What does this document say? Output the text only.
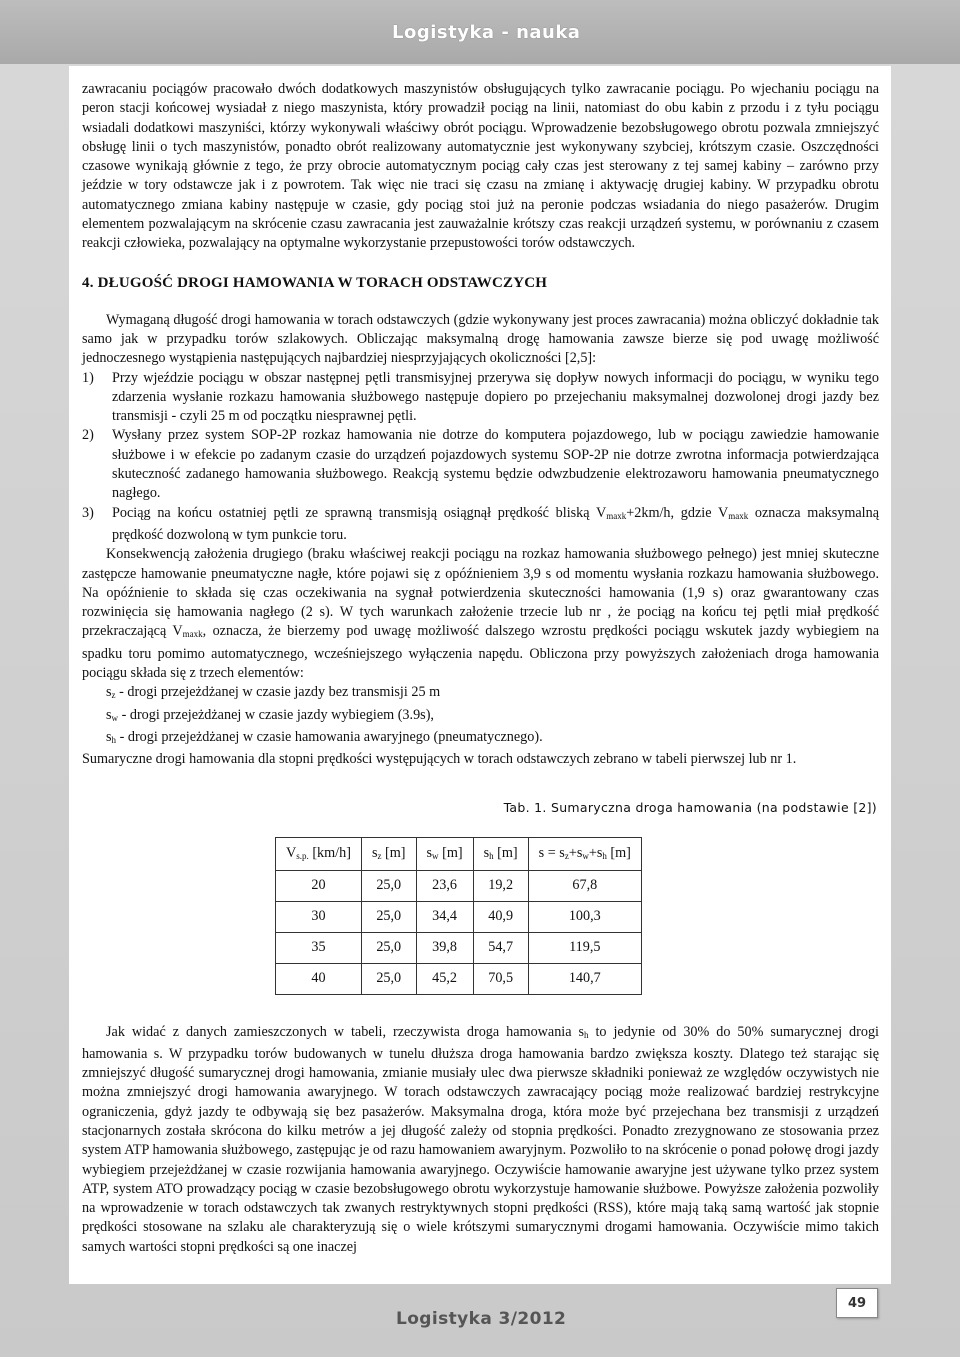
Logistyka - nauka

zawracaniu pociągów pracowało dwóch dodatkowych maszynistów obsługujących tylko zawracanie pociągu. Po wjechaniu pociągu na peron stacji końcowej wysiadał z niego maszynista, który prowadził pociąg na linii, natomiast do obu kabin z przodu i z tyłu pociągu wsiadali dodatkowi maszyniści, którzy wykonywali właściwy obrót pociągu. Wprowadzenie bezobsługowego obrotu pozwala zmniejszyć obsługę linii o tych maszynistów, ponadto obrót realizowany automatycznie jest wykonywany szybciej, krótszym czasie. Oszczędności czasowe wynikają głównie z tego, że przy obrocie automatycznym pociąg cały czas jest sterowany z tej samej kabiny – zarówno przy jeździe w tory odstawcze jak i z powrotem. Tak więc nie traci się czasu na zmianę i aktywację drugiej kabiny. W przypadku obrotu automatycznego zmiana kabiny następuje w czasie, gdy pociąg stoi już na peronie podczas wsiadania do niego pasażerów. Drugim elementem pozwalającym na skrócenie czasu zawracania jest zauważalnie krótszy czas reakcji urządzeń systemu, w porównaniu z czasem reakcji człowieka, pozwalający na optymalne wykorzystanie przepustowości torów odstawczych.

4. DŁUGOŚĆ DROGI HAMOWANIA W TORACH ODSTAWCZYCH

Wymaganą długość drogi hamowania w torach odstawczych (gdzie wykonywany jest proces zawracania) można obliczyć dokładnie tak samo jak w przypadku torów szlakowych. Obliczając maksymalną drogę hamowania zawsze bierze się pod uwagę możliwość jednoczesnego wystąpienia następujących najbardziej niesprzyjających okoliczności [2,5]:

1) Przy wjeździe pociągu w obszar następnej pętli transmisyjnej przerywa się dopływ nowych informacji do pociągu, w wyniku tego zdarzenia wysłanie rozkazu hamowania służbowego następuje dopiero po przejechaniu maksymalnej dozwolonej drogi jazdy bez transmisji - czyli 25 m od początku niesprawnej pętli.
2) Wysłany przez system SOP-2P rozkaz hamowania nie dotrze do komputera pojazdowego, lub w pociągu zawiedzie hamowanie służbowe i w efekcie po zadanym czasie do urządzeń pojazdowych systemu SOP-2P nie dotrze zwrotna informacja potwierdzająca skuteczność zadanego hamowania służbowego. Reakcją systemu będzie odwzbudzenie elektrozaworu hamowania pneumatycznego nagłego.
3) Pociąg na końcu ostatniej pętli ze sprawną transmisją osiągnął prędkość bliską $V_{maxk}+2km/h$, gdzie $V_{maxk}$ oznacza maksymalną prędkość dozwoloną w tym punkcie toru.

Konsekwencją założenia drugiego (braku właściwej reakcji pociągu na rozkaz hamowania służbowego pełnego) jest mniej skuteczne zastępcze hamowanie pneumatyczne nagłe, które pojawi się z opóźnieniem 3,9 s od momentu wysłania rozkazu hamowania służbowego. Na opóźnienie to składa się czas oczekiwania na sygnał potwierdzenia skuteczności hamowania (1,9 s) oraz gwarantowany czas rozwinięcia się hamowania nagłego (2 s). W tych warunkach założenie trzecie lub nr , że pociąg na końcu tej pętli miał prędkość przekraczającą $V_{maxk}$, oznacza, że bierzemy pod uwagę możliwość dalszego wzrostu prędkości pociągu wskutek jazdy wybiegiem na spadku toru pomimo automatycznego, wcześniejszego wyłączenia napędu. Obliczona przy powyższych założeniach droga hamowania pociągu składa się z trzech elementów:

$s_z$ - drogi przejeżdżanej w czasie jazdy bez transmisji 25 m
$s_w$ - drogi przejeżdżanej w czasie jazdy wybiegiem (3.9s),
$s_h$ - drogi przejeżdżanej w czasie hamowania awaryjnego (pneumatycznego).

Sumaryczne drogi hamowania dla stopni prędkości występujących w torach odstawczych zebrano w tabeli pierwszej lub nr 1.

Tab. 1. Sumaryczna droga hamowania (na podstawie [2])
$V_{s.p.}$ [km/h]	$s_z$ [m]	$s_w$ [m]	$s_h$ [m]	$s = s_z+s_w+s_h$ [m]
20	25,0	23,6	19,2	67,8
30	25,0	34,4	40,9	100,3
35	25,0	39,8	54,7	119,5
40	25,0	45,2	70,5	140,7

Jak widać z danych zamieszczonych w tabeli, rzeczywista droga hamowania $s_h$ to jedynie od 30% do 50% sumarycznej drogi hamowania s. W przypadku torów budowanych w tunelu dłuższa droga hamowania bardzo zwiększa koszty. Dlatego też starając się zmniejszyć długość sumarycznej drogi hamowania, zmianie musiały ulec dwa pierwsze składniki ponieważ ze względów oczywistych nie można zmniejszyć drogi hamowania awaryjnego. W torach odstawczych zawracający pociąg może realizować bardziej restrykcyjne ograniczenia, gdyż jazdy te odbywają się bez pasażerów. Maksymalna droga, która może być przejechana bez transmisji z urządzeń stacjonarnych została skrócona do kilku metrów a jej długość zależy od stopnia prędkości. Ponadto zrezygnowano ze stosowania przez system ATP hamowania służbowego, zastępując je od razu hamowaniem awaryjnym. Pozwoliło to na skrócenie o ponad połowę drogi jazdy wybiegiem przejeżdżanej w czasie rozwijania hamowania awaryjnego. Oczywiście hamowanie awaryjne jest używane tylko przez system ATP, system ATO prowadzący pociąg w czasie bezobsługowego obrotu wykorzystuje hamowanie służbowe. Powyższe założenia pozwoliły na wprowadzenie w torach odstawczych tak zwanych restryktywnych stopni prędkości (RSS), które mają taką samą wartość jak stopnie prędkości stosowane na szlaku ale charakteryzują się o wiele krótszymi sumarycznymi drogami hamowania. Oczywiście mimo takich samych wartości stopni prędkości są one inaczej

49
Logistyka 3/2012
